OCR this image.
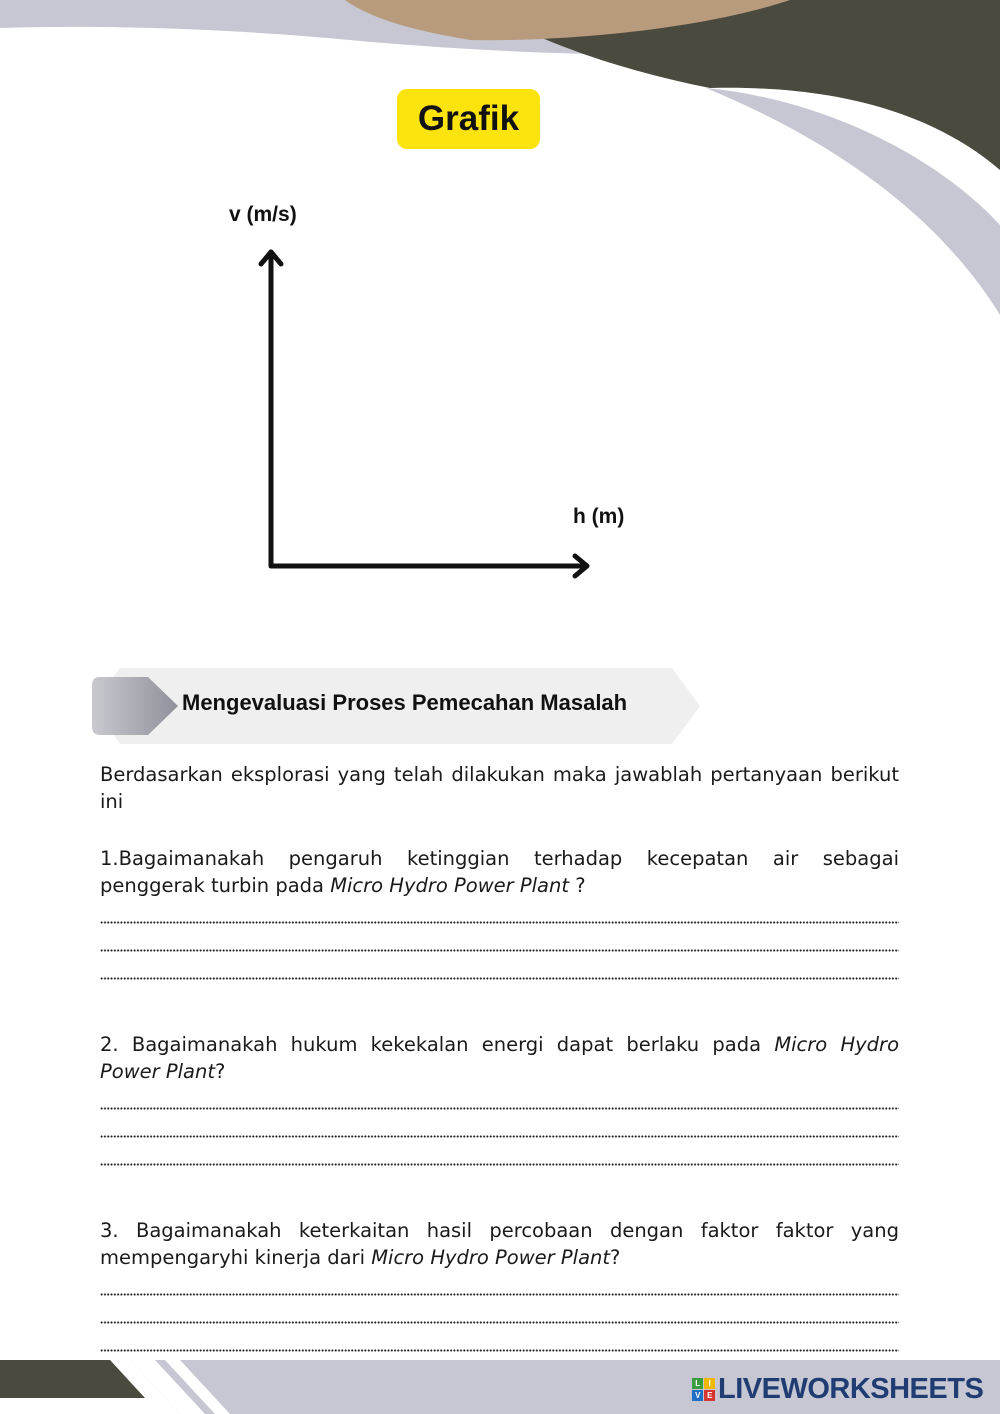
Grafik
v (m/s)
h (m)
Mengevaluasi Proses Pemecahan Masalah

Berdasarkan eksplorasi yang telah dilakukan maka jawablah pertanyaan berikut ini

1.Bagaimanakah pengaruh ketinggian terhadap kecepatan air sebagai penggerak turbin pada Micro Hydro Power Plant ?

2. Bagaimanakah hukum kekekalan energi dapat berlaku pada Micro Hydro Power Plant?

3. Bagaimanakah keterkaitan hasil percobaan dengan faktor faktor yang mempengaryhi kinerja dari Micro Hydro Power Plant?

L	I
V E LIVEWORKSHEETS
